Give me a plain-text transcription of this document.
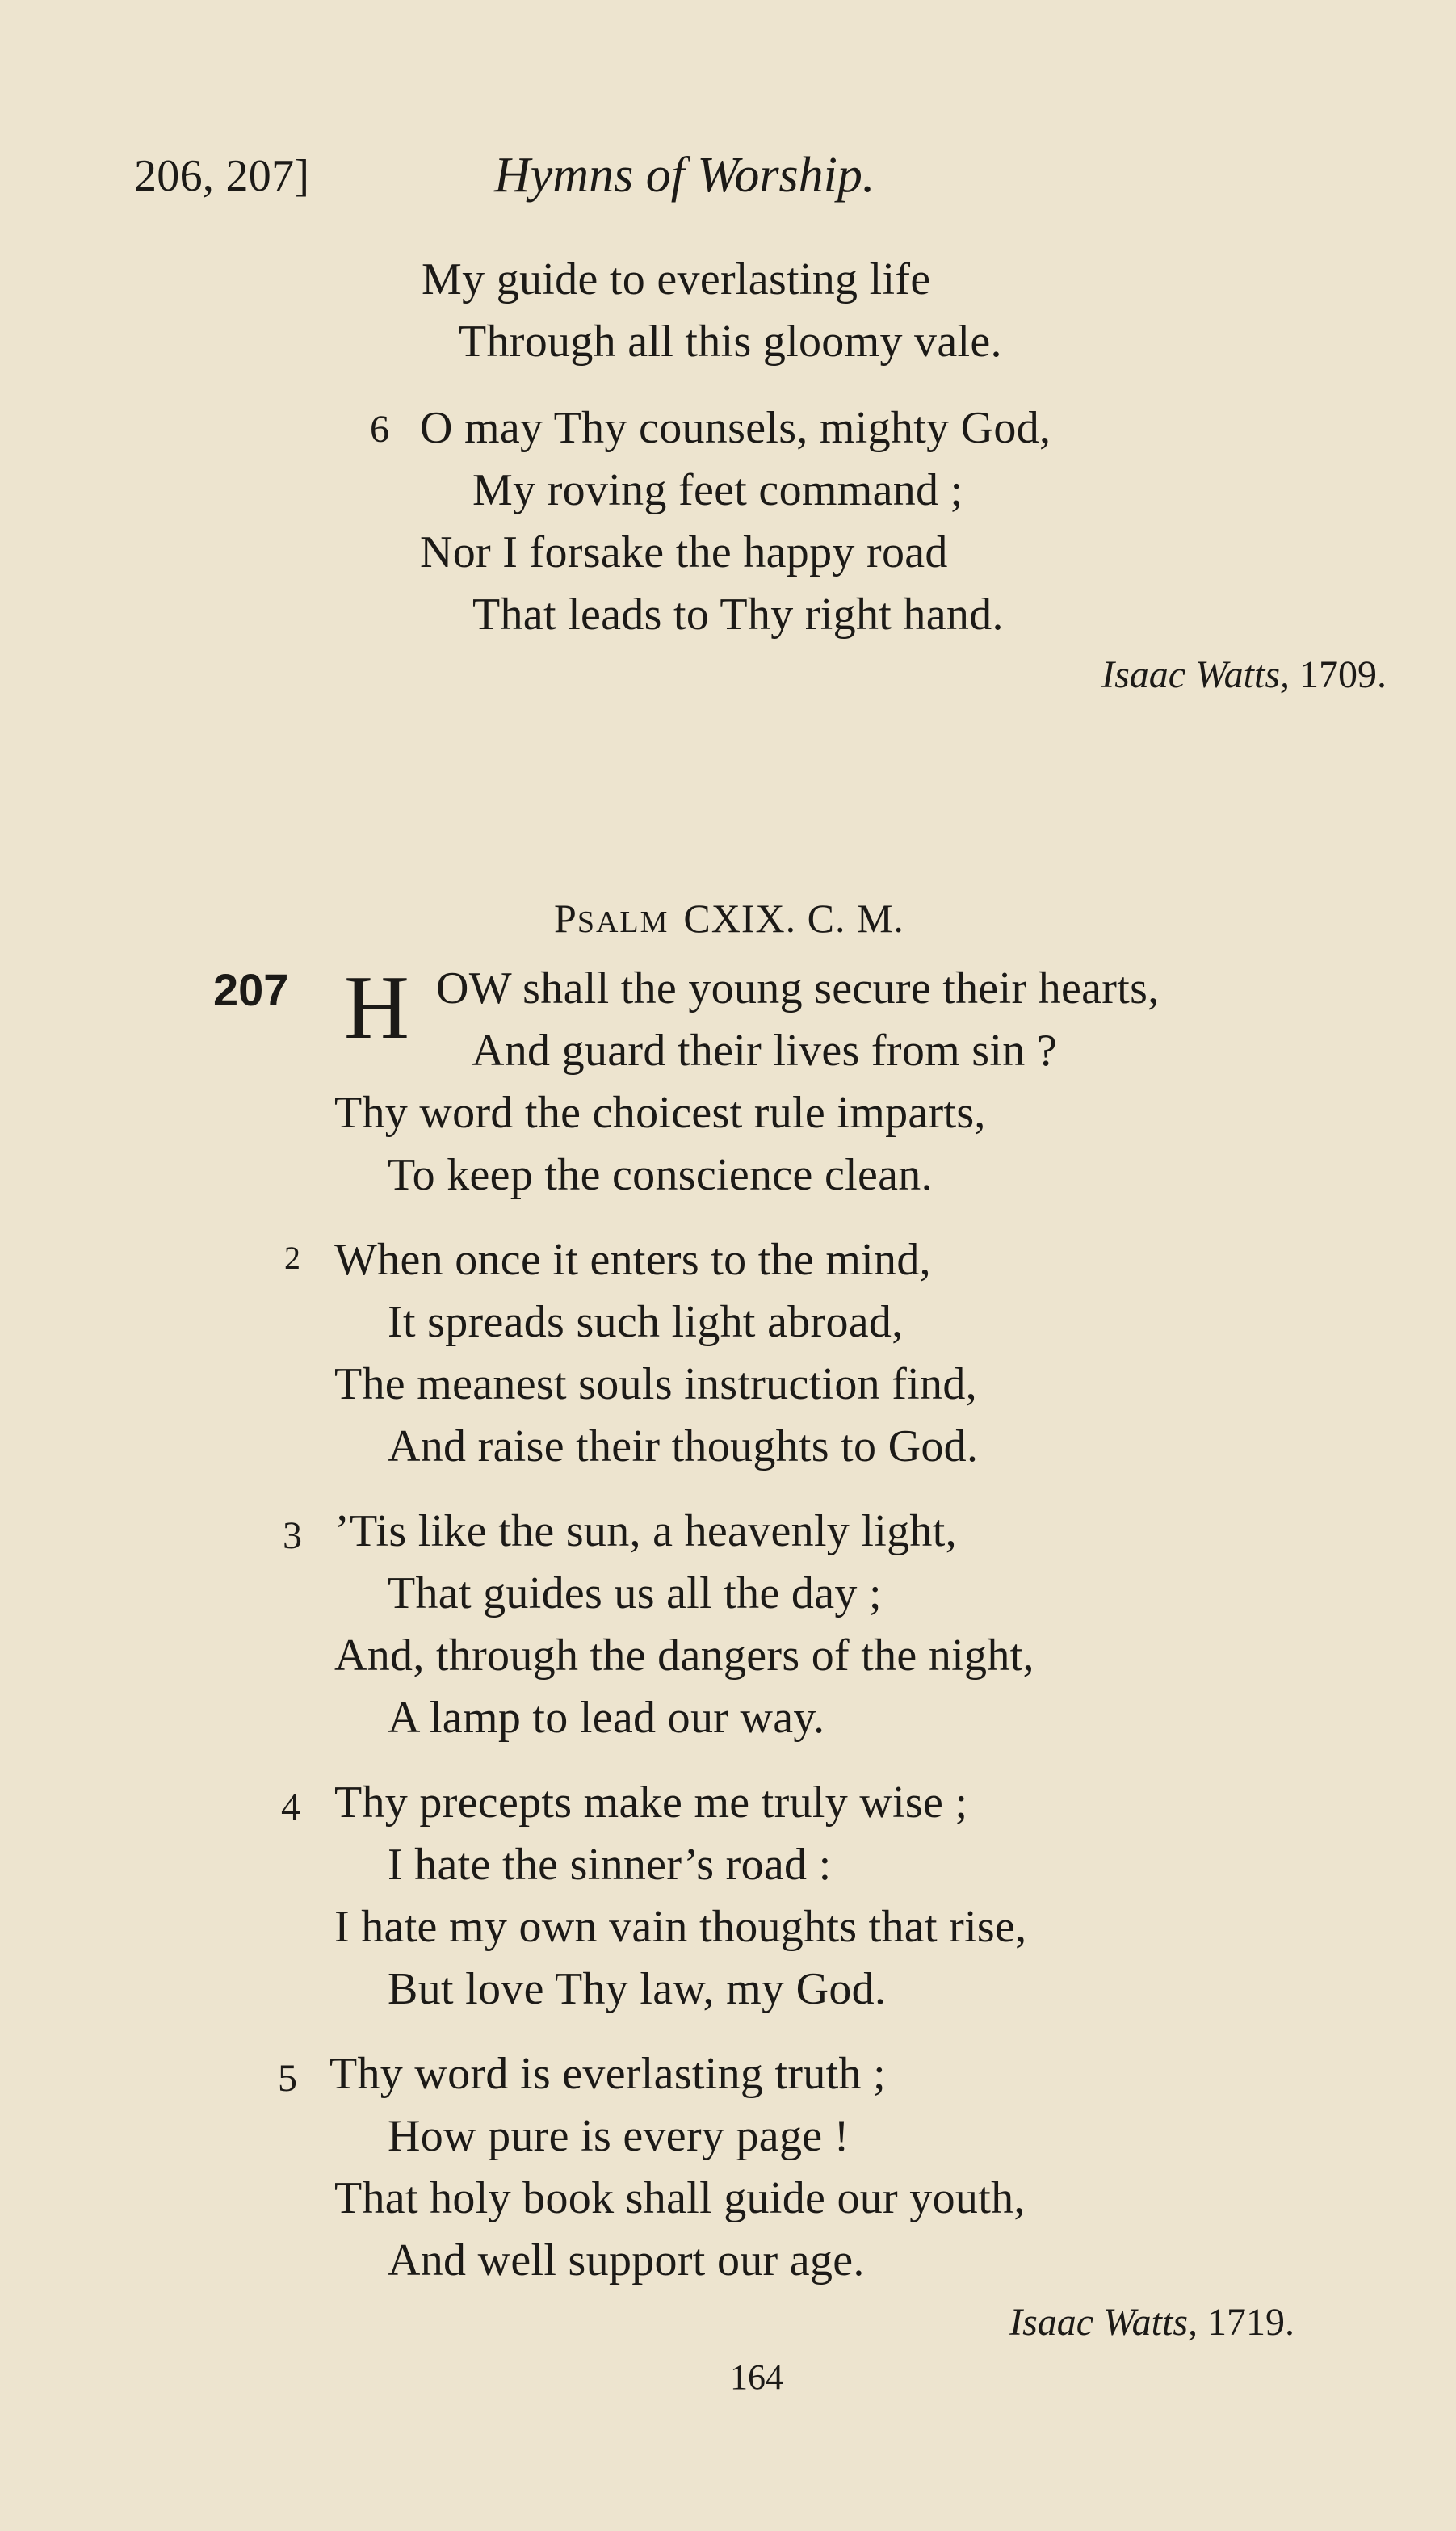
206, 207]	Hymns of Worship.
My guide to everlasting life
Through all this gloomy vale.
6 O may Thy counsels, mighty God,
My roving feet command ;
Nor I forsake the happy road
That leads to Thy right hand.
Isaac Watts, 1709.
PSALM CXIX. C. M.
207 H OW shall the young secure their hearts,
And guard their lives from sin ?
Thy word the choicest rule imparts,
To keep the conscience clean.
2 When once it enters to the mind,
It spreads such light abroad,
The meanest souls instruction find,
And raise their thoughts to God.
3 ’Tis like the sun, a heavenly light,
That guides us all the day ;
And, through the dangers of the night,
A lamp to lead our way.
4 Thy precepts make me truly wise ;
I hate the sinner’s road :
I hate my own vain thoughts that rise,
But love Thy law, my God.
5 Thy word is everlasting truth ;
How pure is every page !
That holy book shall guide our youth,
And well support our age.
Isaac Watts, 1719.
164
